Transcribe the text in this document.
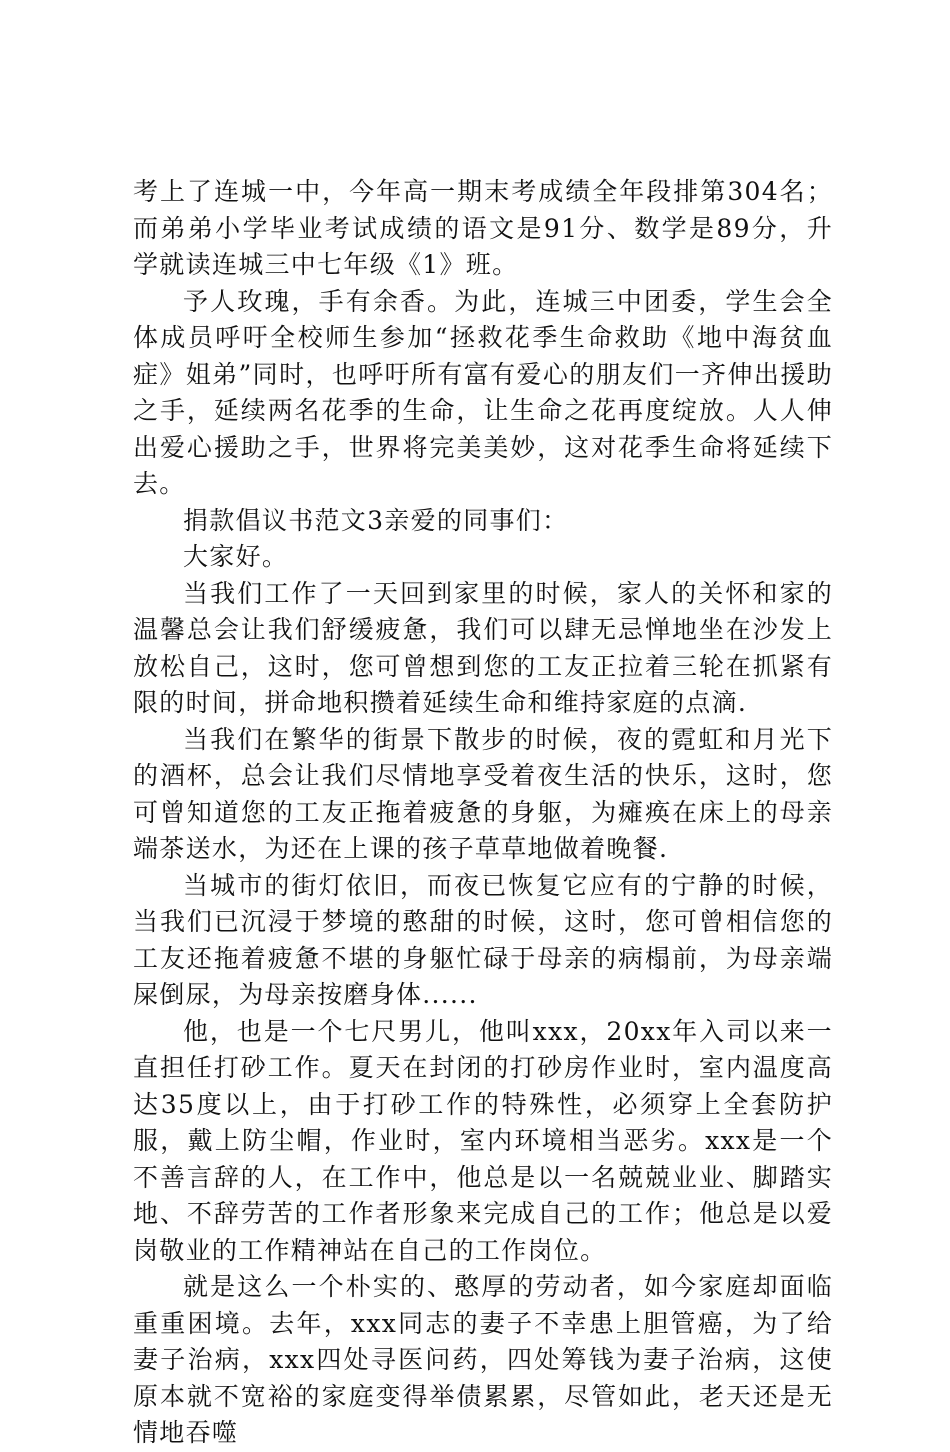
考上了连城一中，今年高一期末考成绩全年段排第304名；而弟弟小学毕业考试成绩的语文是91分、数学是89分，升学就读连城三中七年级《1》班。

予人玫瑰，手有余香。为此，连城三中团委，学生会全体成员呼吁全校师生参加“拯救花季生命救助《地中海贫血症》姐弟”同时，也呼吁所有富有爱心的朋友们一齐伸出援助之手，延续两名花季的生命，让生命之花再度绽放。人人伸出爱心援助之手，世界将完美美妙，这对花季生命将延续下去。

捐款倡议书范文3亲爱的同事们：

大家好。

当我们工作了一天回到家里的时候，家人的关怀和家的温馨总会让我们舒缓疲惫，我们可以肆无忌惮地坐在沙发上放松自己，这时，您可曾想到您的工友正拉着三轮在抓紧有限的时间，拼命地积攒着延续生命和维持家庭的点滴.

当我们在繁华的街景下散步的时候，夜的霓虹和月光下的酒杯，总会让我们尽情地享受着夜生活的快乐，这时，您可曾知道您的工友正拖着疲惫的身躯，为瘫痪在床上的母亲端茶送水，为还在上课的孩子草草地做着晚餐.

当城市的街灯依旧，而夜已恢复它应有的宁静的时候，当我们已沉浸于梦境的憨甜的时候，这时，您可曾相信您的工友还拖着疲惫不堪的身躯忙碌于母亲的病榻前，为母亲端屎倒尿，为母亲按磨身体......

他，也是一个七尺男儿，他叫xxx，20xx年入司以来一直担任打砂工作。夏天在封闭的打砂房作业时，室内温度高达35度以上，由于打砂工作的特殊性，必须穿上全套防护服，戴上防尘帽，作业时，室内环境相当恶劣。xxx是一个不善言辞的人，在工作中，他总是以一名兢兢业业、脚踏实地、不辞劳苦的工作者形象来完成自己的工作；他总是以爱岗敬业的工作精神站在自己的工作岗位。

就是这么一个朴实的、憨厚的劳动者，如今家庭却面临重重困境。去年，xxx同志的妻子不幸患上胆管癌，为了给妻子治病，xxx四处寻医问药，四处筹钱为妻子治病，这使原本就不宽裕的家庭变得举债累累，尽管如此，老天还是无情地吞噬
